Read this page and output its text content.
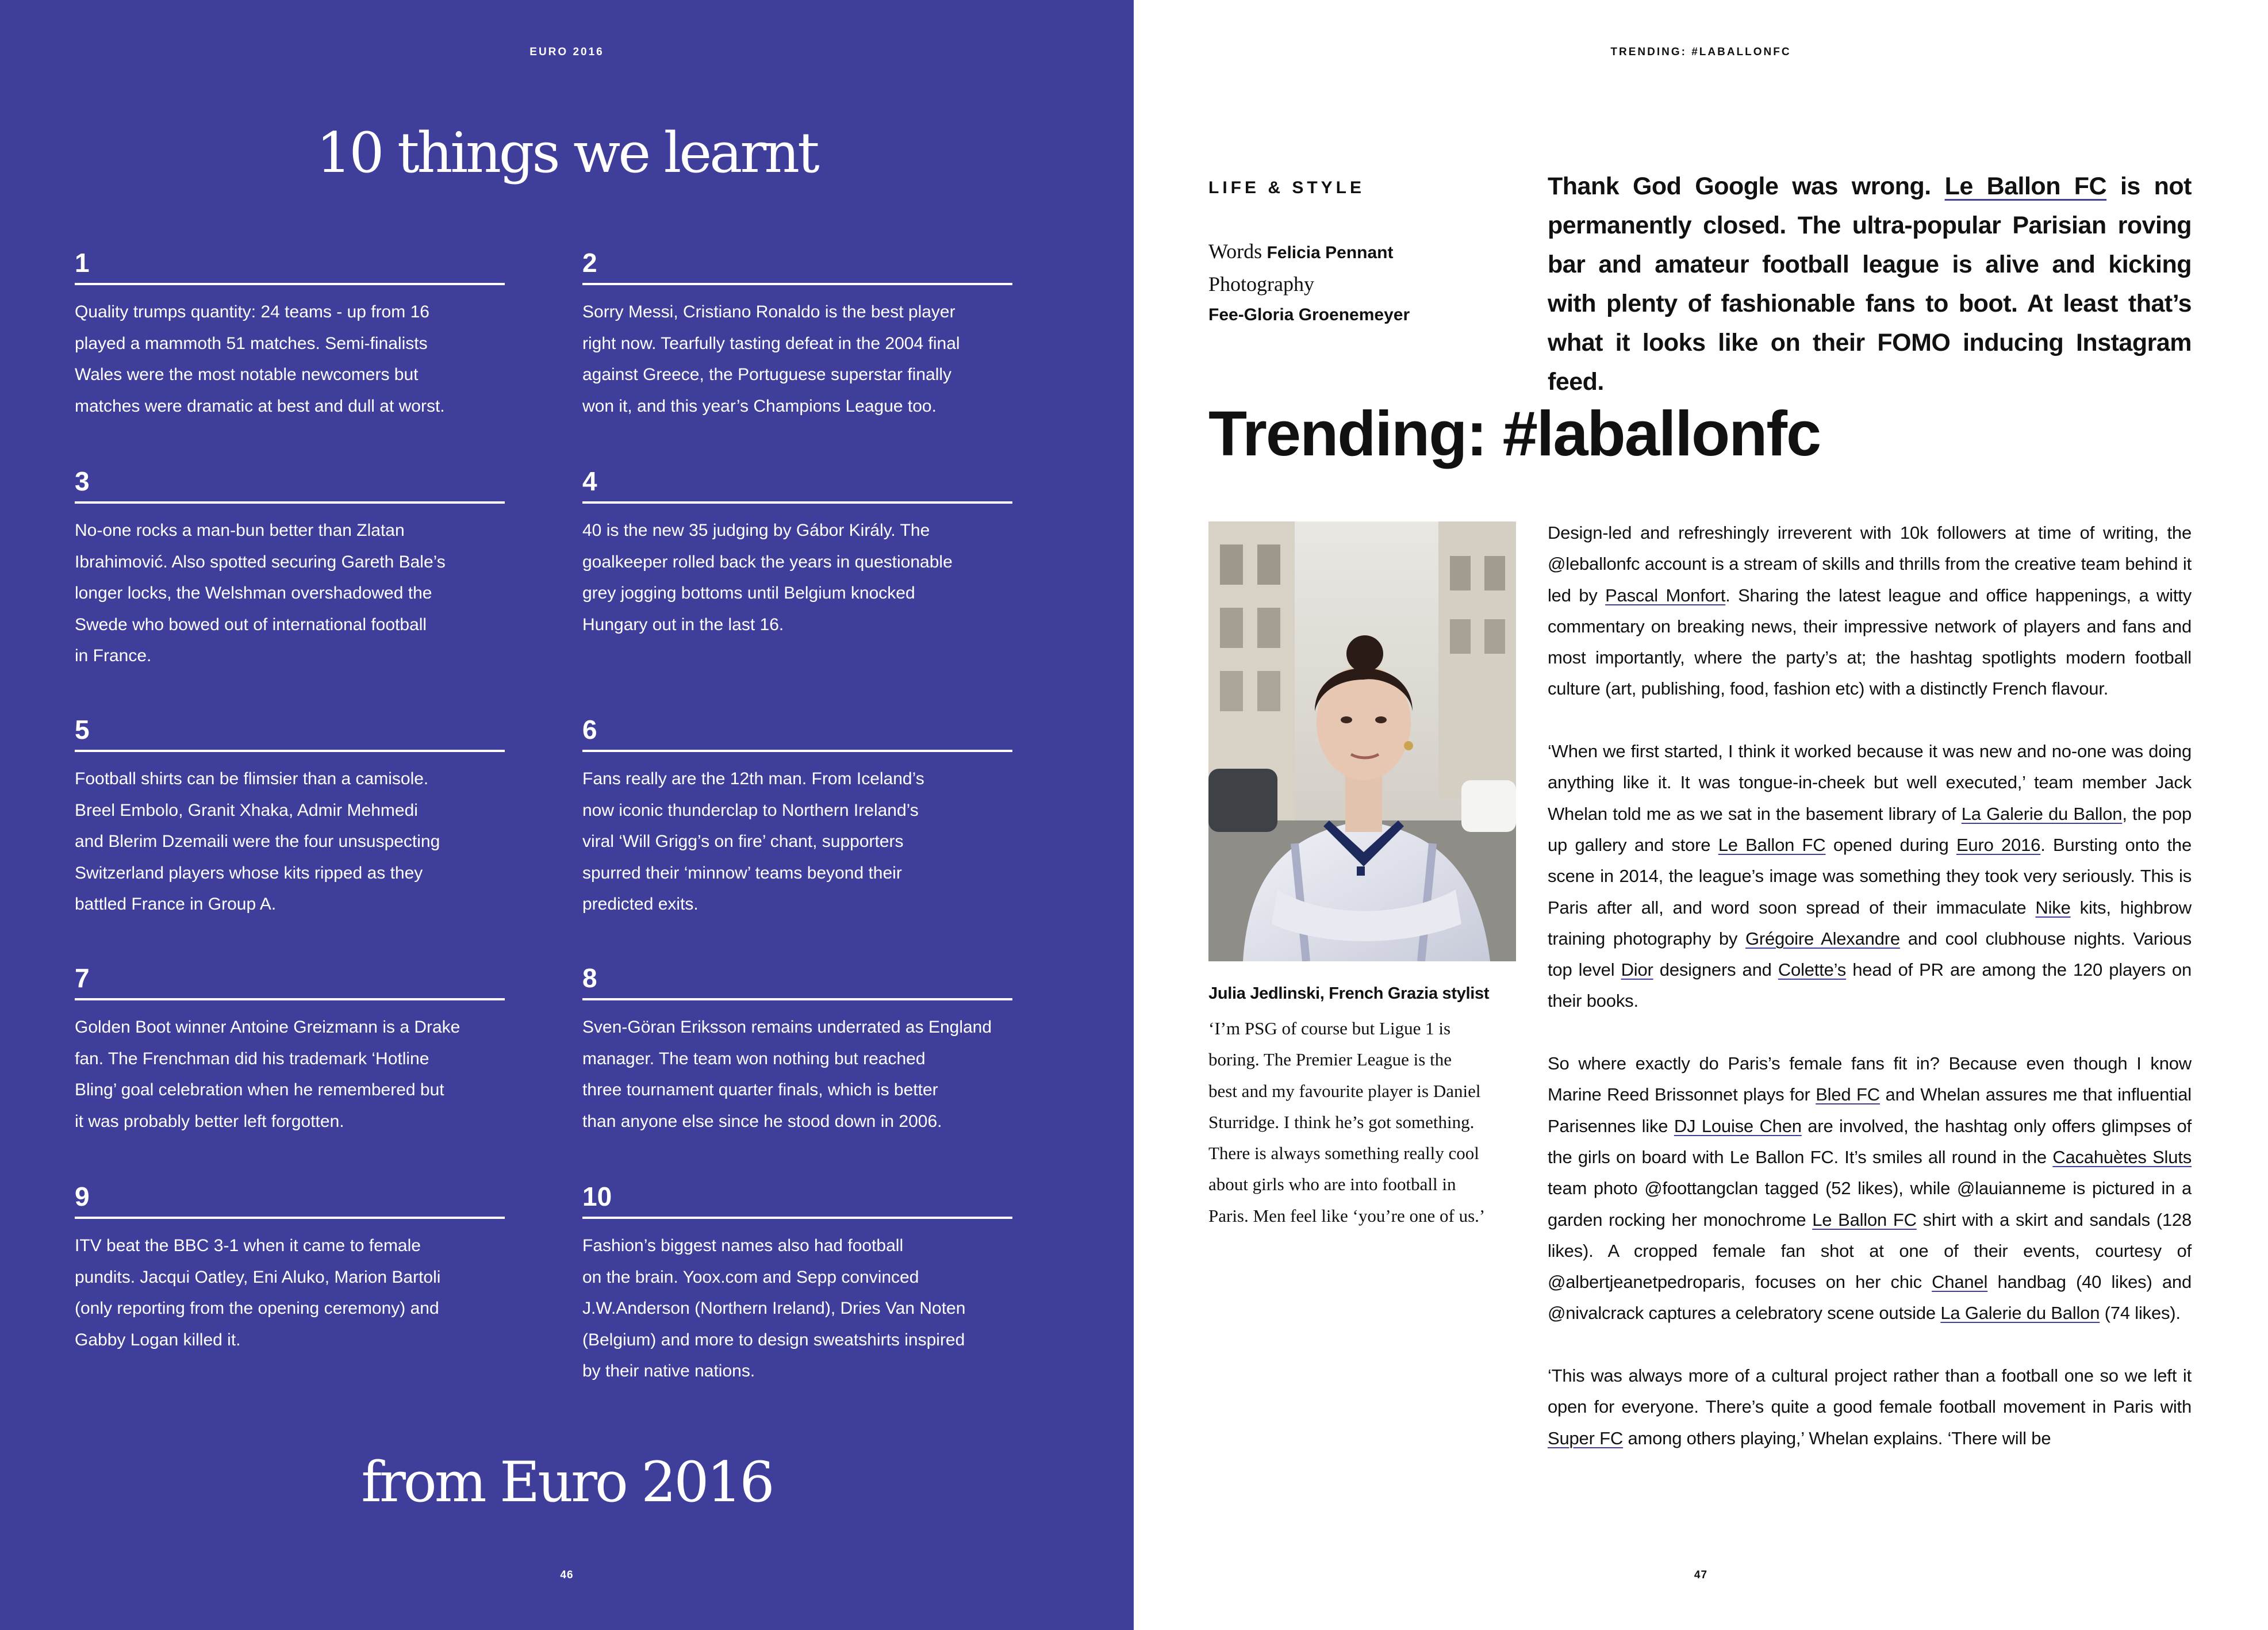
EURO 2016
10 things we learnt
1
Quality trumps quantity: 24 teams - up from 16
played a mammoth 51 matches. Semi-finalists
Wales were the most notable newcomers but
matches were dramatic at best and dull at worst.
2
Sorry Messi, Cristiano Ronaldo is the best player
right now. Tearfully tasting defeat in the 2004 final
against Greece, the Portuguese superstar finally
won it, and this year’s Champions League too.
3
No-one rocks a man-bun better than Zlatan
Ibrahimović. Also spotted securing Gareth Bale’s
longer locks, the Welshman overshadowed the
Swede who bowed out of international football
in France.
4
40 is the new 35 judging by Gábor Király. The
goalkeeper rolled back the years in questionable
grey jogging bottoms until Belgium knocked
Hungary out in the last 16.
5
Football shirts can be flimsier than a camisole.
Breel Embolo, Granit Xhaka, Admir Mehmedi
and Blerim Dzemaili were the four unsuspecting
Switzerland players whose kits ripped as they
battled France in Group A.
6
Fans really are the 12th man. From Iceland’s
now iconic thunderclap to Northern Ireland’s
viral ‘Will Grigg’s on fire’ chant, supporters
spurred their ‘minnow’ teams beyond their
predicted exits.
7
Golden Boot winner Antoine Greizmann is a Drake
fan. The Frenchman did his trademark ‘Hotline
Bling’ goal celebration when he remembered but
it was probably better left forgotten.
8
Sven-Göran Eriksson remains underrated as England
manager. The team won nothing but reached
three tournament quarter finals, which is better
than anyone else since he stood down in 2006.
9
ITV beat the BBC 3-1 when it came to female
pundits. Jacqui Oatley, Eni Aluko, Marion Bartoli
(only reporting from the opening ceremony) and
Gabby Logan killed it.
10
Fashion’s biggest names also had football
on the brain. Yoox.com and Sepp convinced
J.W.Anderson (Northern Ireland), Dries Van Noten
(Belgium) and more to design sweatshirts inspired
by their native nations.
from Euro 2016
46
TRENDING: #LABALLONFC
LIFE & STYLE
Words Felicia Pennant
Photography
Fee-Gloria Groenemeyer
Thank God Google was wrong. Le Ballon FC is not permanently closed. The ultra-popular Parisian roving bar and amateur football league is alive and kicking with plenty of fashionable fans to boot. At least that’s what it looks like on their FOMO inducing Instagram feed.
Trending: #laballonfc
Julia Jedlinski, French Grazia stylist
‘I’m PSG of course but Ligue 1 is
boring. The Premier League is the
best and my favourite player is Daniel
Sturridge. I think he’s got something.
There is always something really cool
about girls who are into football in
Paris. Men feel like ‘you’re one of us.’

Design-led and refreshingly irreverent with 10k followers at time of writing, the @leballonfc account is a stream of skills and thrills from the creative team behind it led by Pascal Monfort. Sharing the latest league and office happenings, a witty commentary on breaking news, their impressive network of players and fans and most importantly, where the party’s at; the hashtag spotlights modern football culture (art, publishing, food, fashion etc) with a distinctly French flavour.

‘When we first started, I think it worked because it was new and no-one was doing anything like it. It was tongue-in-cheek but well executed,’ team member Jack Whelan told me as we sat in the basement library of La Galerie du Ballon, the pop up gallery and store Le Ballon FC opened during Euro 2016. Bursting onto the scene in 2014, the league’s image was something they took very seriously. This is Paris after all, and word soon spread of their immaculate Nike kits, highbrow training photography by Grégoire Alexandre and cool clubhouse nights. Various top level Dior designers and Colette’s head of PR are among the 120 players on their books.

So where exactly do Paris’s female fans fit in? Because even though I know Marine Reed Brissonnet plays for Bled FC and Whelan assures me that influential Parisennes like DJ Louise Chen are involved, the hashtag only offers glimpses of the girls on board with Le Ballon FC. It’s smiles all round in the Cacahuètes Sluts team photo @foottangclan tagged (52 likes), while @lauianneme is pictured in a garden rocking her monochrome Le Ballon FC shirt with a skirt and sandals (128 likes). A cropped female fan shot at one of their events, courtesy of @albertjeanetpedroparis, focuses on her chic Chanel handbag (40 likes) and @nivalcrack captures a celebratory scene outside La Galerie du Ballon (74 likes).

‘This was always more of a cultural project rather than a football one so we left it open for everyone. There’s quite a good female football movement in Paris with Super FC among others playing,’ Whelan explains. ‘There will be

47
